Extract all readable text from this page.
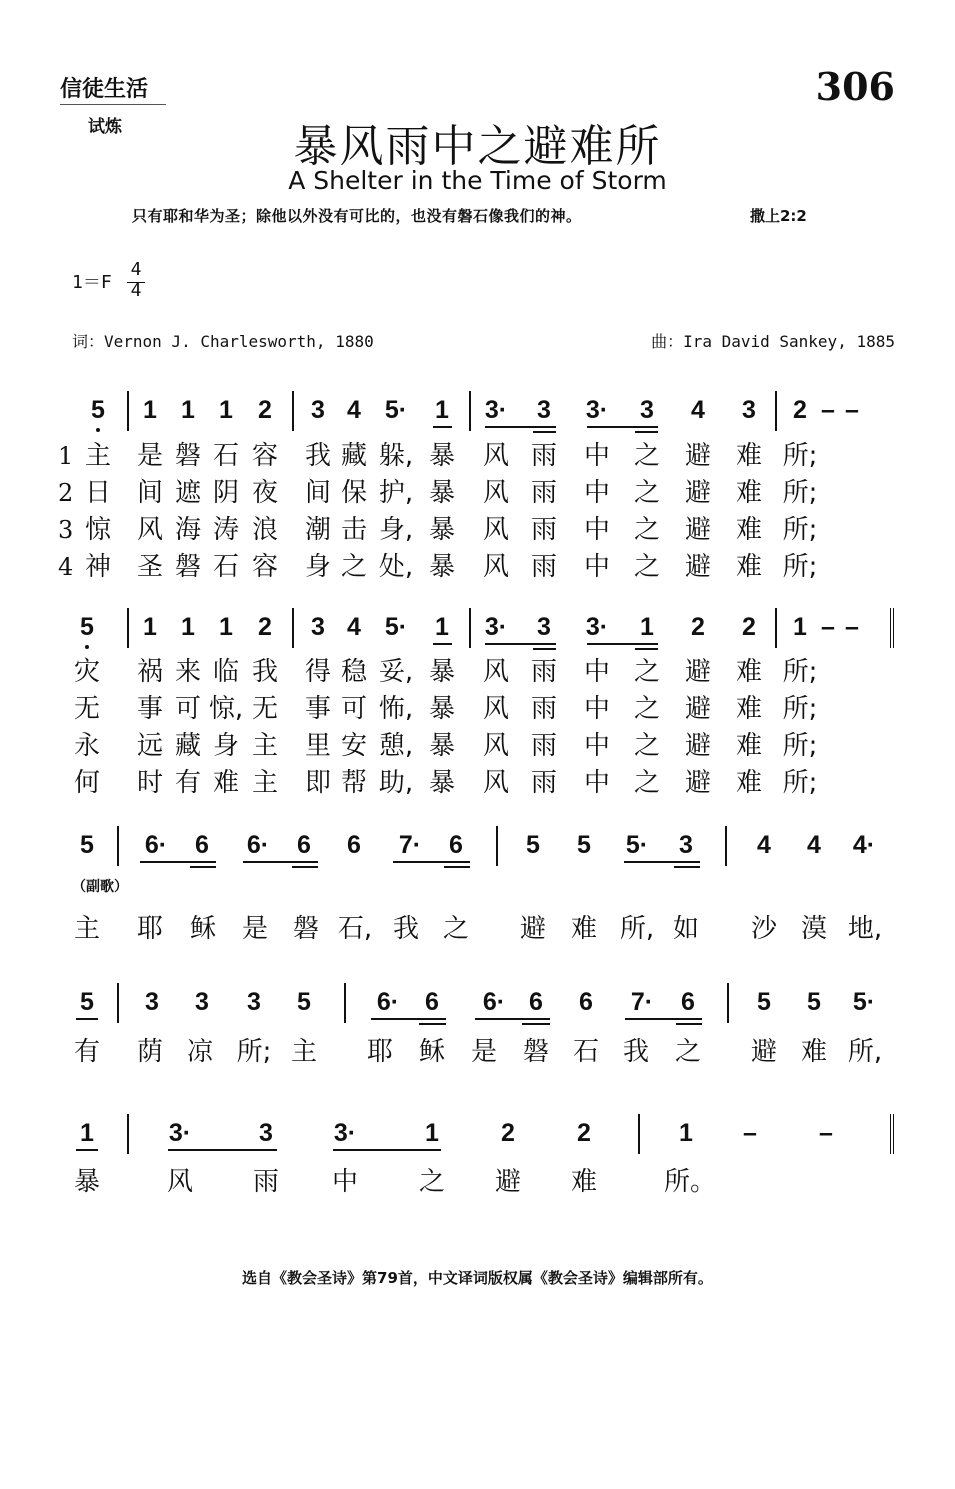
信徒生活
试炼
306
暴风雨中之避难所
A Shelter in the Time of Storm
只有耶和华为圣；除他以外没有可比的，也没有磐石像我们的神。	撒上2:2
1＝F
4
4
词：Vernon J. Charlesworth, 1880	曲：Ira David Sankey, 1885
5 1 1 1 2 3 4 5· 1 3· 3 3· 3 4 3 2 – –
1 主 是 磐 石 容 我 藏 躲, 暴 风 雨 中 之 避 难 所;
2 日 间 遮 阴 夜 间 保 护, 暴 风 雨 中 之 避 难 所;
3 惊 风 海 涛 浪 潮 击 身, 暴 风 雨 中 之 避 难 所;
4 神 圣 磐 石 容 身 之 处, 暴 风 雨 中 之 避 难 所;
5 1 1 1 2 3 4 5· 1 3· 3 3· 1 2 2 1 – –
灾 祸 来 临 我 得 稳 妥, 暴 风 雨 中 之 避 难 所;
无 事 可 惊, 无 事 可 怖, 暴 风 雨 中 之 避 难 所;
永 远 藏 身 主 里 安 憩, 暴 风 雨 中 之 避 难 所;
何 时 有 难 主 即 帮 助, 暴 风 雨 中 之 避 难 所;
5 6· 6 6· 6 6 7· 6	5 5 5· 3	4 4 4·
主 耶 稣 是 磐 石, 我 之 避 难 所, 如 沙 漠 地,
5 3 3 3 5	6· 6 6· 6 6 7· 6 5 5 5·
有 荫 凉 所; 主 耶 稣 是 磐 石 我 之 避 难 所,
1	3·	3 3·	1 2 2	1 – –
暴	风 雨 中 之 避 难	所。
（副歌）
选自《教会圣诗》第79首，中文译词版权属《教会圣诗》编辑部所有。
